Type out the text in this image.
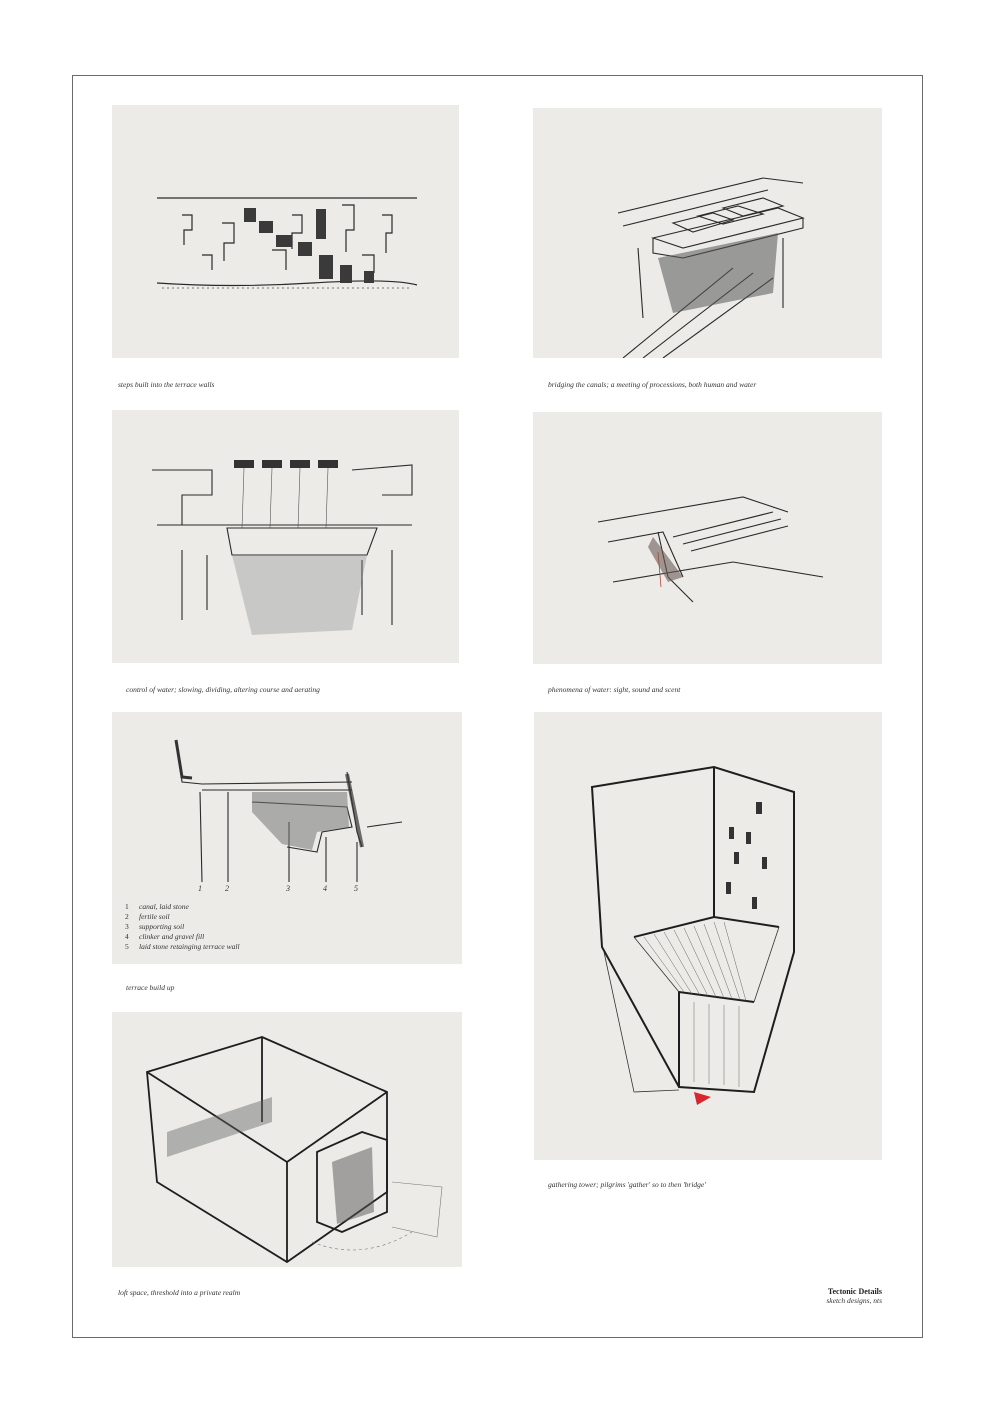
steps built into the terrace walls	bridging the canals; a meeting of processions, both human and water
control of water; slowing, dividing, altering course and aerating	phenomena of water: sight, sound and scent
1	2	3	4	5
1 canal, laid stone
2 fertile soil
3 supporting soil
4 clinker and gravel fill
5 laid stone retainging terrace wall
terrace build up
gathering tower; pilgrims 'gather' so to then 'bridge'
loft space, threshold into a private realm	Tectonic Details
sketch designs, nts
